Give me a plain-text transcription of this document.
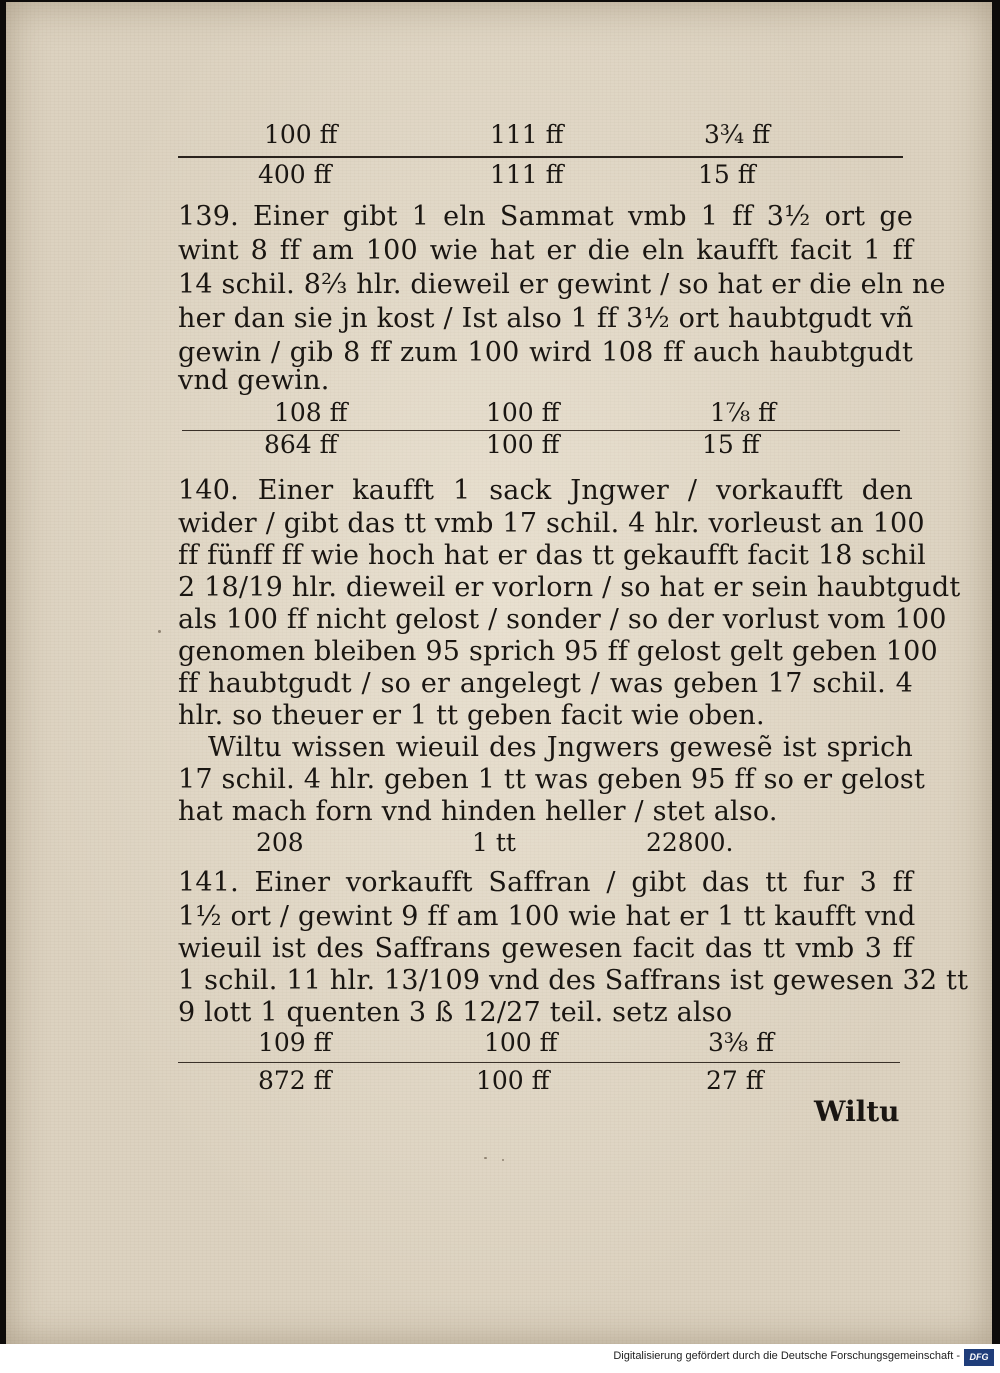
100 ff	111 ff	3¾ ff
400 ff	111 ff	15 ff
139. Einer gibt 1 eln Sammat vmb 1 ff 3½ ort ge
wint 8 ff am 100 wie hat er die eln kaufft facit 1 ff
14 schil. 8⅔ hlr. dieweil er gewint / so hat er die eln ne
her dan sie jn kost / Ist also 1 ff 3½ ort haubtgudt vñ
gewin / gib 8 ff zum 100 wird 108 ff auch haubtgudt
vnd gewin.
108 ff	100 ff	1⅞ ff
864 ff	100 ff	15 ff
140. Einer kaufft 1 sack Jngwer / vorkaufft den
wider / gibt das tt vmb 17 schil. 4 hlr. vorleust an 100
ff fünff ff wie hoch hat er das tt gekaufft facit 18 schil
2 18/19 hlr. dieweil er vorlorn / so hat er sein haubtgudt
als 100 ff nicht gelost / sonder / so der vorlust vom 100
genomen bleiben 95 sprich 95 ff gelost gelt geben 100
ff haubtgudt / so er angelegt / was geben 17 schil. 4
hlr. so theuer er 1 tt geben facit wie oben.
Wiltu wissen wieuil des Jngwers gewesẽ ist sprich
17 schil. 4 hlr. geben 1 tt was geben 95 ff so er gelost
hat mach forn vnd hinden heller / stet also.
208	1 tt	22800.
141. Einer vorkaufft Saffran / gibt das tt fur 3 ff
1½ ort / gewint 9 ff am 100 wie hat er 1 tt kaufft vnd
wieuil ist des Saffrans gewesen facit das tt vmb 3 ff
1 schil. 11 hlr. 13/109 vnd des Saffrans ist gewesen 32 tt
9 lott 1 quenten 3 ß 12/27 teil. setz also
109 ff	100 ff	3⅜ ff
872 ff	100 ff	27 ff
Wiltu
Digitalisierung gefördert durch die Deutsche Forschungsgemeinschaft -	DFG
